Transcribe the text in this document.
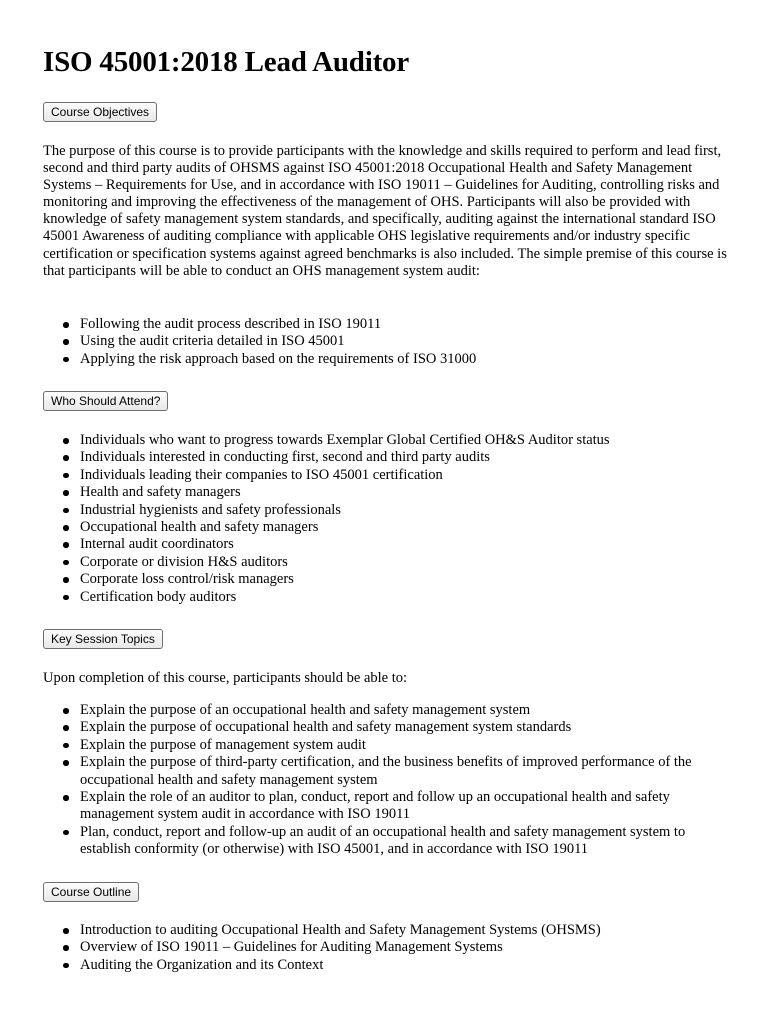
ISO 45001:2018 Lead Auditor
Course Objectives

The purpose of this course is to provide participants with the knowledge and skills required to perform and lead first, second and third party audits of OHSMS against ISO 45001:2018 Occupational Health and Safety Management Systems – Requirements for Use, and in accordance with ISO 19011 – Guidelines for Auditing, controlling risks and monitoring and improving the effectiveness of the management of OHS. Participants will also be provided with knowledge of safety management system standards, and specifically, auditing against the international standard ISO 45001 Awareness of auditing compliance with applicable OHS legislative requirements and/or industry specific certification or specification systems against agreed benchmarks is also included. The simple premise of this course is that participants will be able to conduct an OHS management system audit:

Following the audit process described in ISO 19011
Using the audit criteria detailed in ISO 45001
Applying the risk approach based on the requirements of ISO 31000
Who Should Attend?
Individuals who want to progress towards Exemplar Global Certified OH&S Auditor status
Individuals interested in conducting first, second and third party audits
Individuals leading their companies to ISO 45001 certification
Health and safety managers
Industrial hygienists and safety professionals
Occupational health and safety managers
Internal audit coordinators
Corporate or division H&S auditors
Corporate loss control/risk managers
Certification body auditors
Key Session Topics

Upon completion of this course, participants should be able to:

Explain the purpose of an occupational health and safety management system
Explain the purpose of occupational health and safety management system standards
Explain the purpose of management system audit
Explain the purpose of third-party certification, and the business benefits of improved performance of the occupational health and safety management system
Explain the role of an auditor to plan, conduct, report and follow up an occupational health and safety management system audit in accordance with ISO 19011
Plan, conduct, report and follow-up an audit of an occupational health and safety management system to establish conformity (or otherwise) with ISO 45001, and in accordance with ISO 19011
Course Outline
Introduction to auditing Occupational Health and Safety Management Systems (OHSMS)
Overview of ISO 19011 – Guidelines for Auditing Management Systems
Auditing the Organization and its Context
